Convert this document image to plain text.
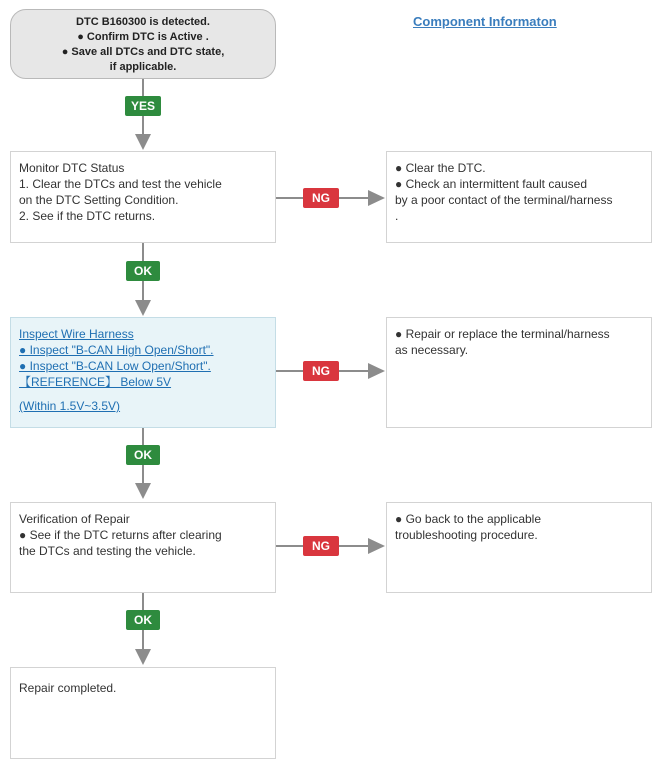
DTC B160300 is detected.
● Confirm DTC is Active .
● Save all DTCs and DTC state,
if applicable.
Component Informaton
YES
Monitor DTC Status
1. Clear the DTCs and test the vehicle
on the DTC Setting Condition.
2. See if the DTC returns.
NG
● Clear the DTC.
● Check an intermittent fault caused
by a poor contact of the terminal/harness
.
OK
Inspect Wire Harness
● Inspect "B-CAN High Open/Short".
● Inspect "B-CAN Low Open/Short".
【REFERENCE】 Below 5V
(Within 1.5V~3.5V)
NG
● Repair or replace the terminal/harness
as necessary.
OK
Verification of Repair
● See if the DTC returns after clearing
the DTCs and testing the vehicle.	NG
● Go back to the applicable
troubleshooting procedure.
OK
Repair completed.
